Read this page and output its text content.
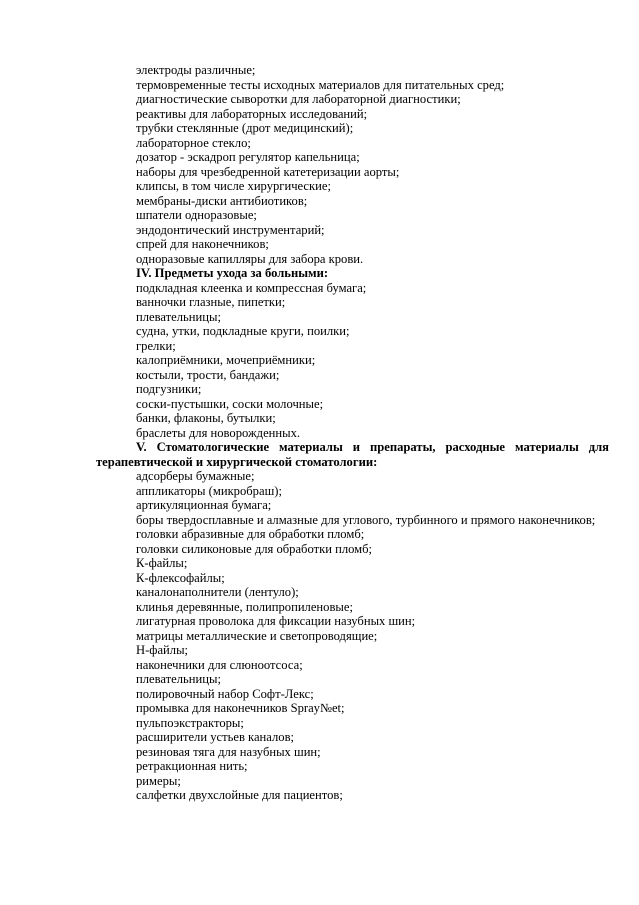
электроды различные;
термовременные тесты исходных материалов для питательных сред;
диагностические сыворотки для лабораторной диагностики;
реактивы для лабораторных исследований;
трубки стеклянные (дрот медицинский);
лабораторное стекло;
дозатор - эскадроп регулятор капельница;
наборы для чрезбедренной катетеризации аорты;
клипсы, в том числе хирургические;
мембраны-диски антибиотиков;
шпатели одноразовые;
эндодонтический инструментарий;
спрей для наконечников;
одноразовые капилляры для забора крови.
IV. Предметы ухода за больными:
подкладная клеенка и компрессная бумага;
ванночки глазные, пипетки;
плевательницы;
судна, утки, подкладные круги, поилки;
грелки;
калоприёмники, мочеприёмники;
костыли, трости, бандажи;
подгузники;
соски-пустышки, соски молочные;
банки, флаконы, бутылки;
браслеты для новорожденных.
V. Стоматологические материалы и препараты, расходные материалы для терапевтической и хирургической стоматологии:
адсорберы бумажные;
аппликаторы (микробраш);
артикуляционная бумага;
боры твердосплавные и алмазные для углового, турбинного и прямого наконечников;
головки абразивные для обработки пломб;
головки силиконовые для обработки пломб;
К-файлы;
К-флексофайлы;
каналонаполнители (лентуло);
клинья деревянные, полипропиленовые;
лигатурная проволока для фиксации назубных шин;
матрицы металлические и светопроводящие;
Н-файлы;
наконечники для слюноотсоса;
плевательницы;
полировочный набор Софт-Лекс;
промывка для наконечников Spray№et;
пульпоэкстракторы;
расширители устьев каналов;
резиновая тяга для назубных шин;
ретракционная нить;
римеры;
салфетки двухслойные для пациентов;
